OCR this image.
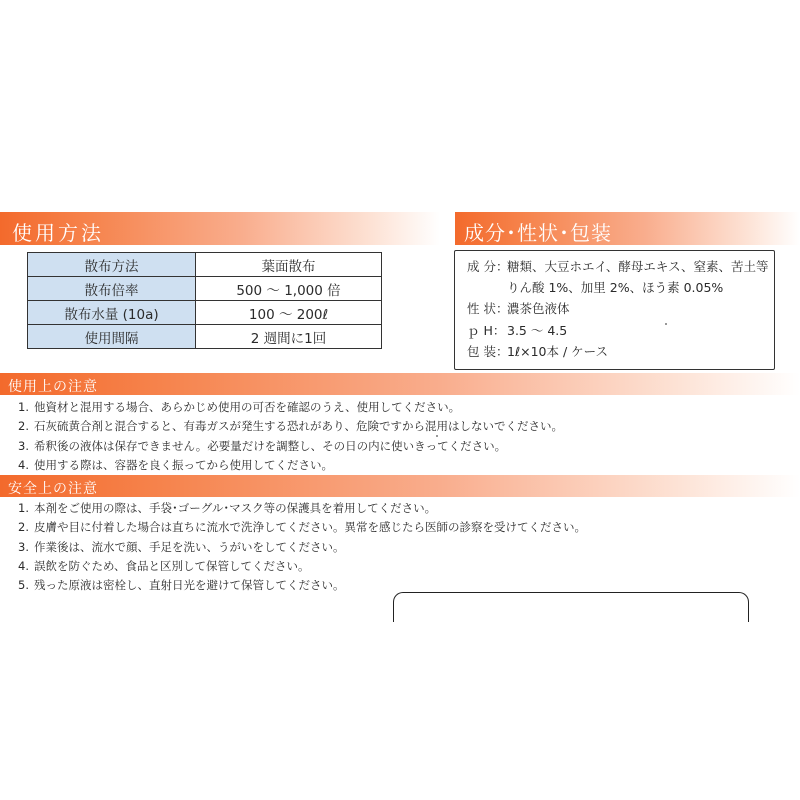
使用方法
散布方法	葉面散布
散布倍率	500 ～ 1,000 倍
散布水量 (10a)	100 ～ 200ℓ
使用間隔	2 週間に1回
成分･性状･包装
成 分：糖類、大豆ホエイ、酵母エキス、窒素、苦土等
りん酸 1%、加里 2%、ほう素 0.05%
性 状：濃茶色液体
ｐ H： 3.5 ～ 4.5
包 装：1ℓ×10本 / ケース
使用上の注意
1. 他資材と混用する場合、あらかじめ使用の可否を確認のうえ、使用してください。
2. 石灰硫黄合剤と混合すると、有毒ガスが発生する恐れがあり、危険ですから混用はしないでください。
3. 希釈後の液体は保存できません。必要量だけを調整し、その日の内に使いきってください。
4. 使用する際は、容器を良く振ってから使用してください。
安全上の注意
1. 本剤をご使用の際は、手袋･ゴーグル･マスク等の保護具を着用してください。
2. 皮膚や目に付着した場合は直ちに流水で洗浄してください。異常を感じたら医師の診察を受けてください。
3. 作業後は、流水で顔、手足を洗い、うがいをしてください。
4. 誤飲を防ぐため、食品と区別して保管してください。
5. 残った原液は密栓し、直射日光を避けて保管してください。
